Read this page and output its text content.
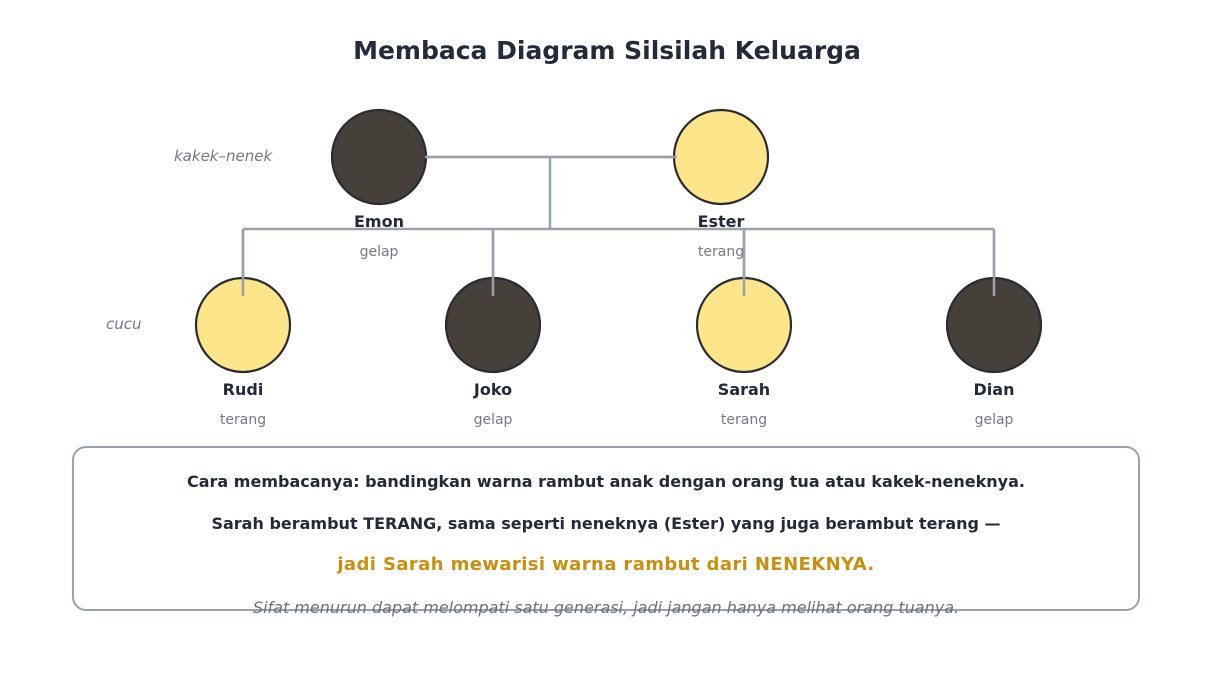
Membaca Diagram Silsilah Keluarga
kakek–nenek
cucu
Emon
gelap
Ester
terang
Rudi
terang
Joko
gelap
Sarah
terang
Dian
gelap

Cara membacanya: bandingkan warna rambut anak dengan orang tua atau kakek-neneknya.

Sarah berambut TERANG, sama seperti neneknya (Ester) yang juga berambut terang —

jadi Sarah mewarisi warna rambut dari NENEKNYA.

Sifat menurun dapat melompati satu generasi, jadi jangan hanya melihat orang tuanya.
